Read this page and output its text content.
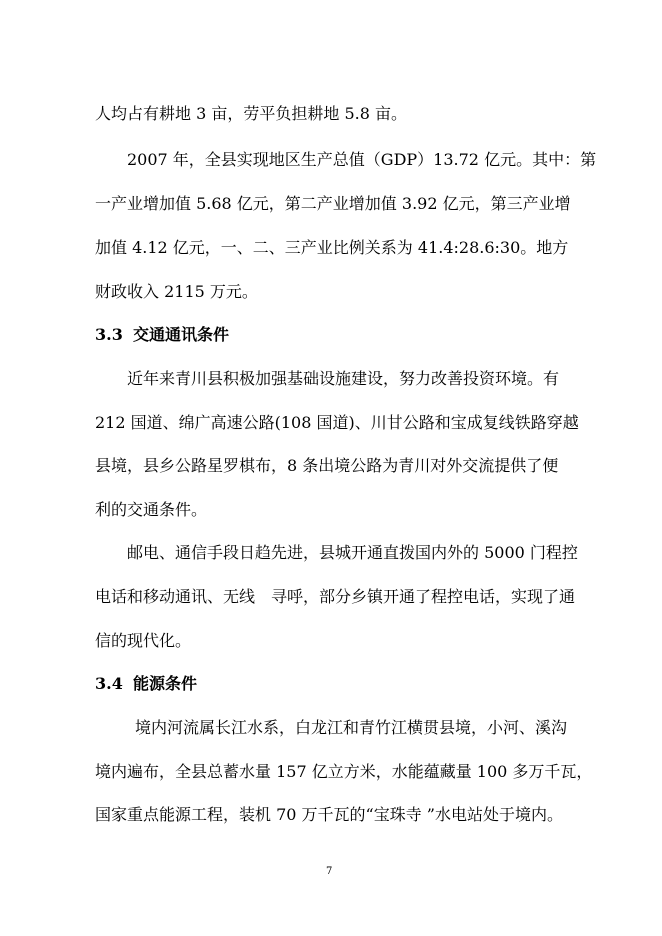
人均占有耕地 3 亩，劳平负担耕地 5.8 亩。
2007 年，全县实现地区生产总值（GDP）13.72 亿元。其中：第
一产业增加值 5.68 亿元，第二产业增加值 3.92 亿元，第三产业增
加值 4.12 亿元，一、二、三产业比例关系为 41.4:28.6:30。地方
财政收入 2115 万元。
3.3 交通通讯条件
近年来青川县积极加强基础设施建设，努力改善投资环境。有
212 国道、绵广高速公路(108 国道)、川甘公路和宝成复线铁路穿越
县境，县乡公路星罗棋布，8 条出境公路为青川对外交流提供了便
利的交通条件。
邮电、通信手段日趋先进，县城开通直拨国内外的 5000 门程控
电话和移动通讯、无线　寻呼，部分乡镇开通了程控电话，实现了通
信的现代化。
3.4 能源条件
境内河流属长江水系，白龙江和青竹江横贯县境，小河、溪沟
境内遍布，全县总蓄水量 157 亿立方米，水能蕴藏量 100 多万千瓦，
国家重点能源工程，装机 70 万千瓦的“宝珠寺 ”水电站处于境内。
7
